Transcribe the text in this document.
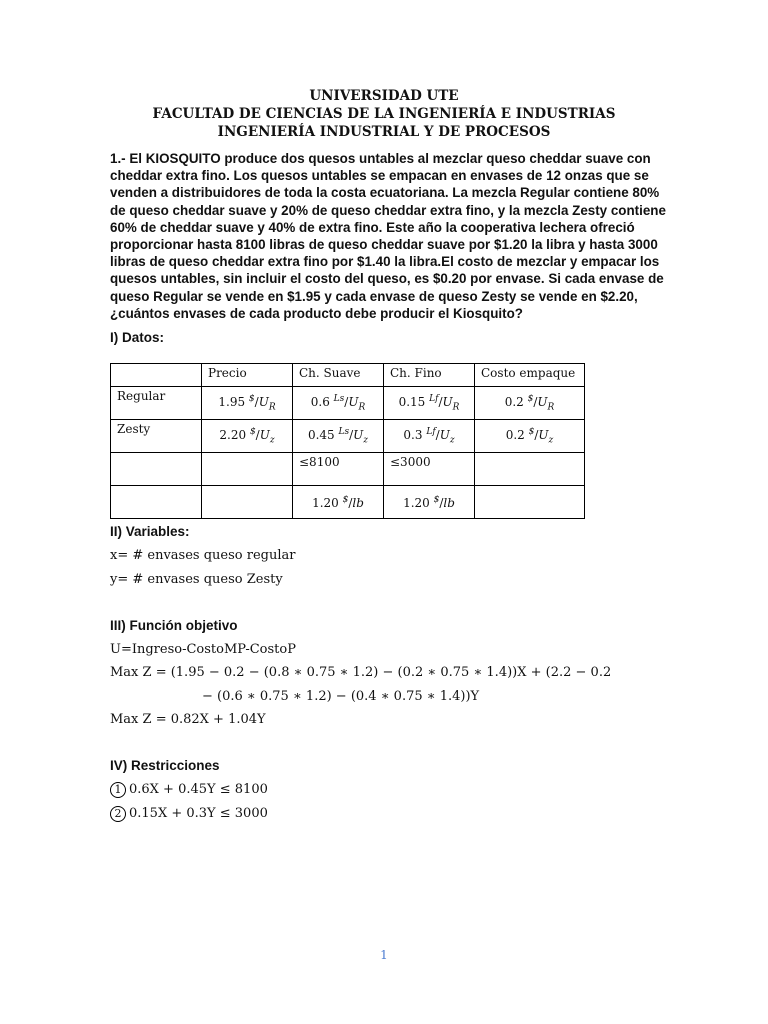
UNIVERSIDAD UTE
FACULTAD DE CIENCIAS DE LA INGENIERÍA E INDUSTRIAS
INGENIERÍA INDUSTRIAL Y DE PROCESOS
1.- El KIOSQUITO produce dos quesos untables al mezclar queso cheddar suave con cheddar extra fino. Los quesos untables se empacan en envases de 12 onzas que se venden a distribuidores de toda la costa ecuatoriana. La mezcla Regular contiene 80% de queso cheddar suave y 20% de queso cheddar extra fino, y la mezcla Zesty contiene 60% de cheddar suave y 40% de extra fino. Este año la cooperativa lechera ofreció proporcionar hasta 8100 libras de queso cheddar suave por $1.20 la libra y hasta 3000 libras de queso cheddar extra fino por $1.40 la libra.El costo de mezclar y empacar los quesos untables, sin incluir el costo del queso, es $0.20 por envase. Si cada envase de queso Regular se vende en $1.95 y cada envase de queso Zesty se vende en $2.20, ¿cuántos envases de cada producto debe producir el Kiosquito?
I) Datos:
	Precio	Ch. Suave	Ch. Fino	Costo empaque
Regular	1.95 $^{\$}/U_R$	0.6 $^{Ls}/U_R$	0.15 $^{Lf}/U_R$	0.2 $^{\$}/U_R$
Zesty	2.20 $^{\$}/U_z$	0.45 $^{Ls}/U_z$	0.3 $^{Lf}/U_z$	0.2 $^{\$}/U_z$
		≤8100	≤3000	
		1.20 $/lb	1.20 $/lb	
II) Variables:
x= # envases queso regular
y= # envases queso Zesty
III) Función objetivo
U=Ingreso-CostoMP-CostoP
Max Z = (1.95 − 0.2 − (0.8 ∗ 0.75 ∗ 1.2) − (0.2 ∗ 0.75 ∗ 1.4))X + (2.2 − 0.2
− (0.6 ∗ 0.75 ∗ 1.2) − (0.4 ∗ 0.75 ∗ 1.4))Y
Max Z = 0.82X + 1.04Y
IV) Restricciones
1 0.6X + 0.45Y ≤ 8100
2 0.15X + 0.3Y ≤ 3000
1
